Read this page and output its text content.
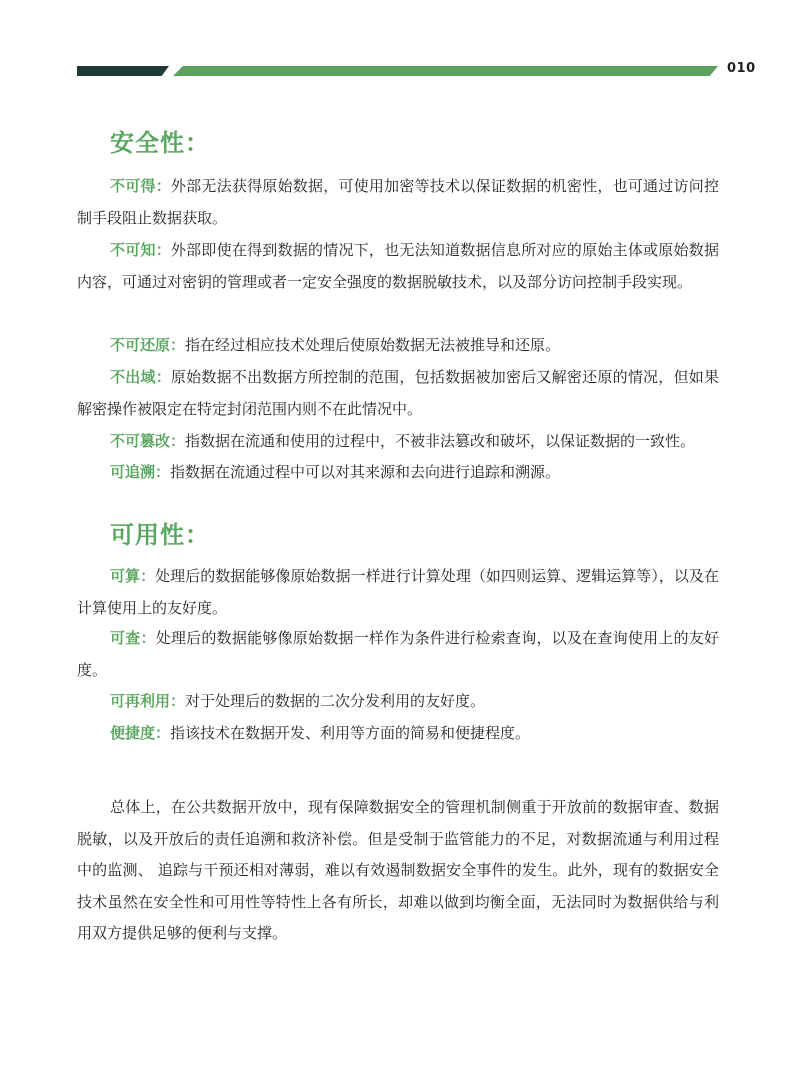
010
安全性：

不可得：外部无法获得原始数据，可使用加密等技术以保证数据的机密性，也可通过访问控制手段阻止数据获取。

不可知：外部即使在得到数据的情况下，也无法知道数据信息所对应的原始主体或原始数据内容，可通过对密钥的管理或者一定安全强度的数据脱敏技术，以及部分访问控制手段实现。

不可还原：指在经过相应技术处理后使原始数据无法被推导和还原。

不出域：原始数据不出数据方所控制的范围，包括数据被加密后又解密还原的情况，但如果解密操作被限定在特定封闭范围内则不在此情况中。

不可篡改：指数据在流通和使用的过程中，不被非法篡改和破坏，以保证数据的一致性。

可追溯：指数据在流通过程中可以对其来源和去向进行追踪和溯源。

可用性：

可算：处理后的数据能够像原始数据一样进行计算处理（如四则运算、逻辑运算等），以及在计算使用上的友好度。

可查：处理后的数据能够像原始数据一样作为条件进行检索查询，以及在查询使用上的友好度。

可再利用：对于处理后的数据的二次分发利用的友好度。

便捷度：指该技术在数据开发、利用等方面的简易和便捷程度。

总体上，在公共数据开放中，现有保障数据安全的管理机制侧重于开放前的数据审查、数据脱敏，以及开放后的责任追溯和救济补偿。但是受制于监管能力的不足，对数据流通与利用过程中的监测、 追踪与干预还相对薄弱，难以有效遏制数据安全事件的发生。此外，现有的数据安全技术虽然在安全性和可用性等特性上各有所长，却难以做到均衡全面，无法同时为数据供给与利用双方提供足够的便利与支撑。
